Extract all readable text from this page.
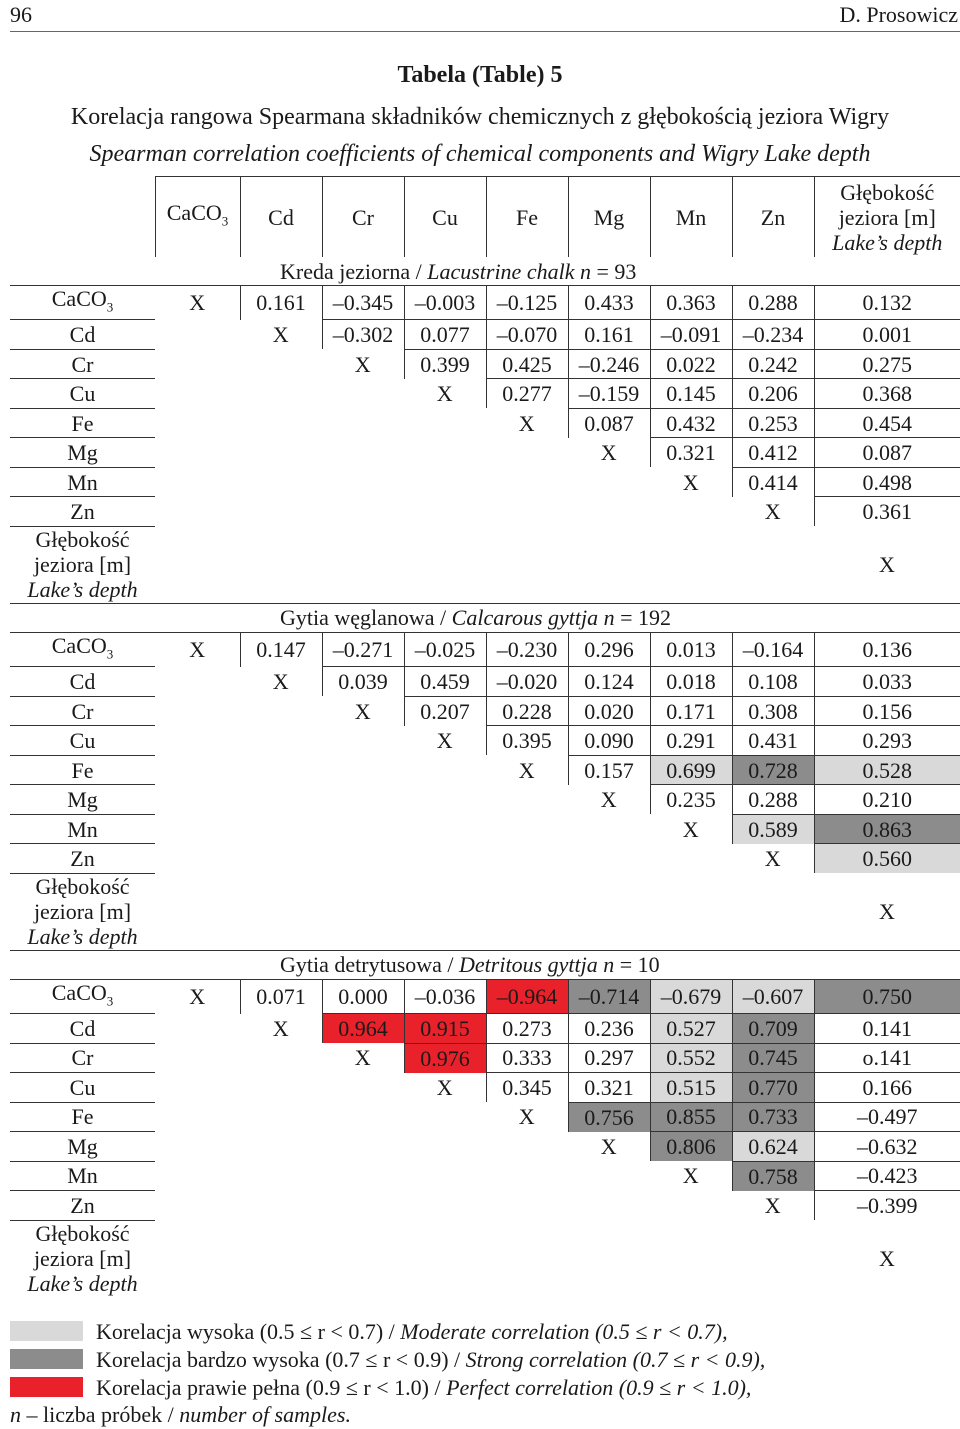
96	D. Prosowicz
Tabela (Table) 5
Korelacja rangowa Spearmana składników chemicznych z głębokością jeziora Wigry
Spearman correlation coefficients of chemical components and Wigry Lake depth
	CaCO$_3$	Cd	Cr	Cu	Fe	Mg	Mn	Zn	Głębokość
jeziora [m]
Lake’s depth

Kreda jeziorna / Lacustrine chalk n = 93									
CaCO$_3$	X	0.161	–0.345	–0.003	–0.125	0.433	0.363	0.288	0.132
Cd		X	–0.302	0.077	–0.070	0.161	–0.091	–0.234	0.001
Cr			X	0.399	0.425	–0.246	0.022	0.242	0.275
Cu				X	0.277	–0.159	0.145	0.206	0.368
Fe					X	0.087	0.432	0.253	0.454
Mg						X	0.321	0.412	0.087
Mn							X	0.414	0.498
Zn								X	0.361

Głębokość
jeziora [m]
Lake’s depth									X
Gytia węglanowa / Calcarous gyttja n = 192									
CaCO$_3$	X	0.147	–0.271	–0.025	–0.230	0.296	0.013	–0.164	0.136
Cd		X	0.039	0.459	–0.020	0.124	0.018	0.108	0.033
Cr			X	0.207	0.228	0.020	0.171	0.308	0.156
Cu				X	0.395	0.090	0.291	0.431	0.293
Fe					X	0.157	0.699	0.728	0.528
Mg						X	0.235	0.288	0.210
Mn							X	0.589	0.863
Zn								X	0.560

Głębokość
jeziora [m]
Lake’s depth									X
Gytia detrytusowa / Detritous gyttja n = 10									
CaCO$_3$	X	0.071	0.000	–0.036	–0.964	–0.714	–0.679	–0.607	0.750
Cd		X	0.964	0.915	0.273	0.236	0.527	0.709	0.141
Cr			X	0.976	0.333	0.297	0.552	0.745	o.141
Cu				X	0.345	0.321	0.515	0.770	0.166
Fe					X	0.756	0.855	0.733	–0.497
Mg						X	0.806	0.624	–0.632
Mn							X	0.758	–0.423
Zn								X	–0.399

Głębokość
jeziora [m]
Lake’s depth									X
Korelacja wysoka (0.5 ≤ r < 0.7) / Moderate correlation (0.5 ≤ r < 0.7),
Korelacja bardzo wysoka (0.7 ≤ r < 0.9) / Strong correlation (0.7 ≤ r < 0.9),
Korelacja prawie pełna (0.9 ≤ r < 1.0) / Perfect correlation (0.9 ≤ r < 1.0),
n – liczba próbek / number of samples.
